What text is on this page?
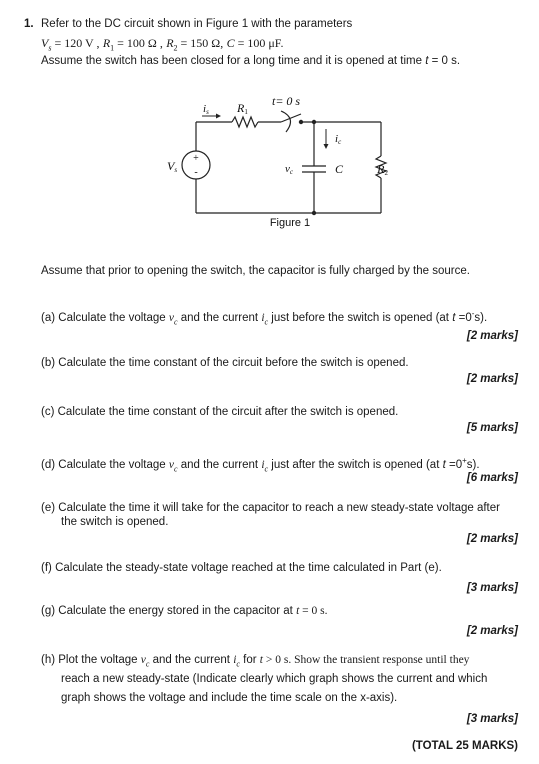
1. Refer to the DC circuit shown in Figure 1 with the parameters
$V_s = 120$ V , $R_1 = 100$ Ω , $R_2 = 150$ Ω, C = 100 μF.
Assume the switch has been closed for a long time and it is opened at time t = 0 s.
t= 0 s
is R1
ic
vc	C	R2
Vs
+
-
Figure 1
Assume that prior to opening the switch, the capacitor is fully charged by the source.
(a) Calculate the voltage $v_c$ and the current $i_c$ just before the switch is opened (at t =0-s).
[2 marks]
(b) Calculate the time constant of the circuit before the switch is opened.
[2 marks]
(c) Calculate the time constant of the circuit after the switch is opened.
[5 marks]
(d) Calculate the voltage $v_c$ and the current $i_c$ just after the switch is opened (at t =0+s).
[6 marks]
(e) Calculate the time it will take for the capacitor to reach a new steady-state voltage after
the switch is opened.
[2 marks]
(f) Calculate the steady-state voltage reached at the time calculated in Part (e).
[3 marks]
(g) Calculate the energy stored in the capacitor at t = 0 s.
[2 marks]
(h) Plot the voltage $v_c$ and the current $i_c$ for t > 0 s. Show the transient response until they
reach a new steady-state (Indicate clearly which graph shows the current and which
graph shows the voltage and include the time scale on the x-axis).
[3 marks]
(TOTAL 25 MARKS)
